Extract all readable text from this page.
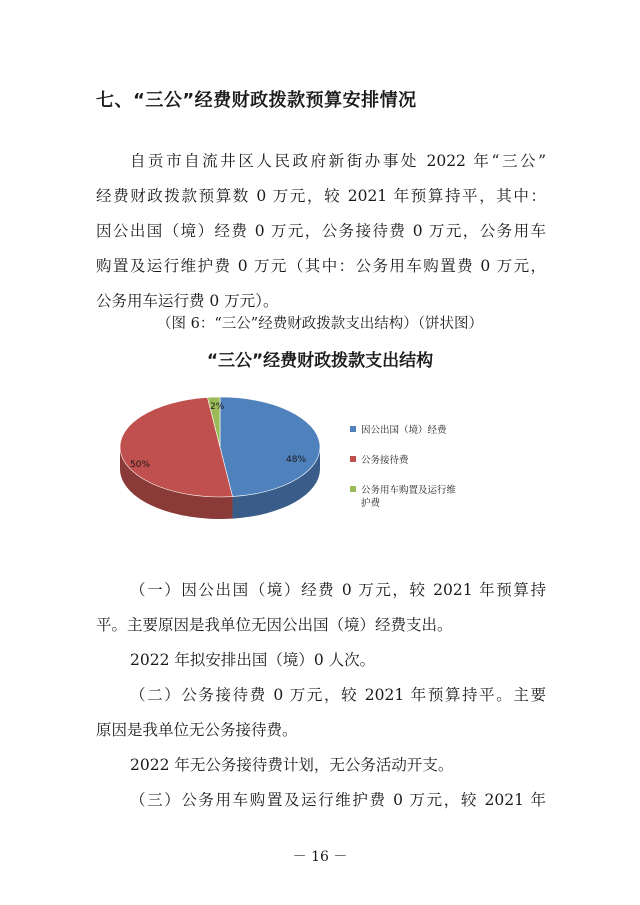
七、“三公”经费财政拨款预算安排情况
自贡市自流井区人民政府新街办事处 2022 年“三公”
经费财政拨款预算数 0 万元，较 2021 年预算持平，其中：
因公出国（境）经费 0 万元，公务接待费 0 万元，公务用车
购置及运行维护费 0 万元（其中：公务用车购置费 0 万元，
公务用车运行费 0 万元）。
（图 6：“三公”经费财政拨款支出结构）（饼状图）
“三公”经费财政拨款支出结构
48%
50%
2%
因公出国（境）经费
公务接待费
公务用车购置及运行维
护费
（一）因公出国（境）经费 0 万元，较 2021 年预算持
平。主要原因是我单位无因公出国（境）经费支出。
2022 年拟安排出国（境）0 人次。
（二）公务接待费 0 万元，较 2021 年预算持平。主要
原因是我单位无公务接待费。
2022 年无公务接待费计划，无公务活动开支。
（三）公务用车购置及运行维护费 0 万元，较 2021 年
－ 16 －
